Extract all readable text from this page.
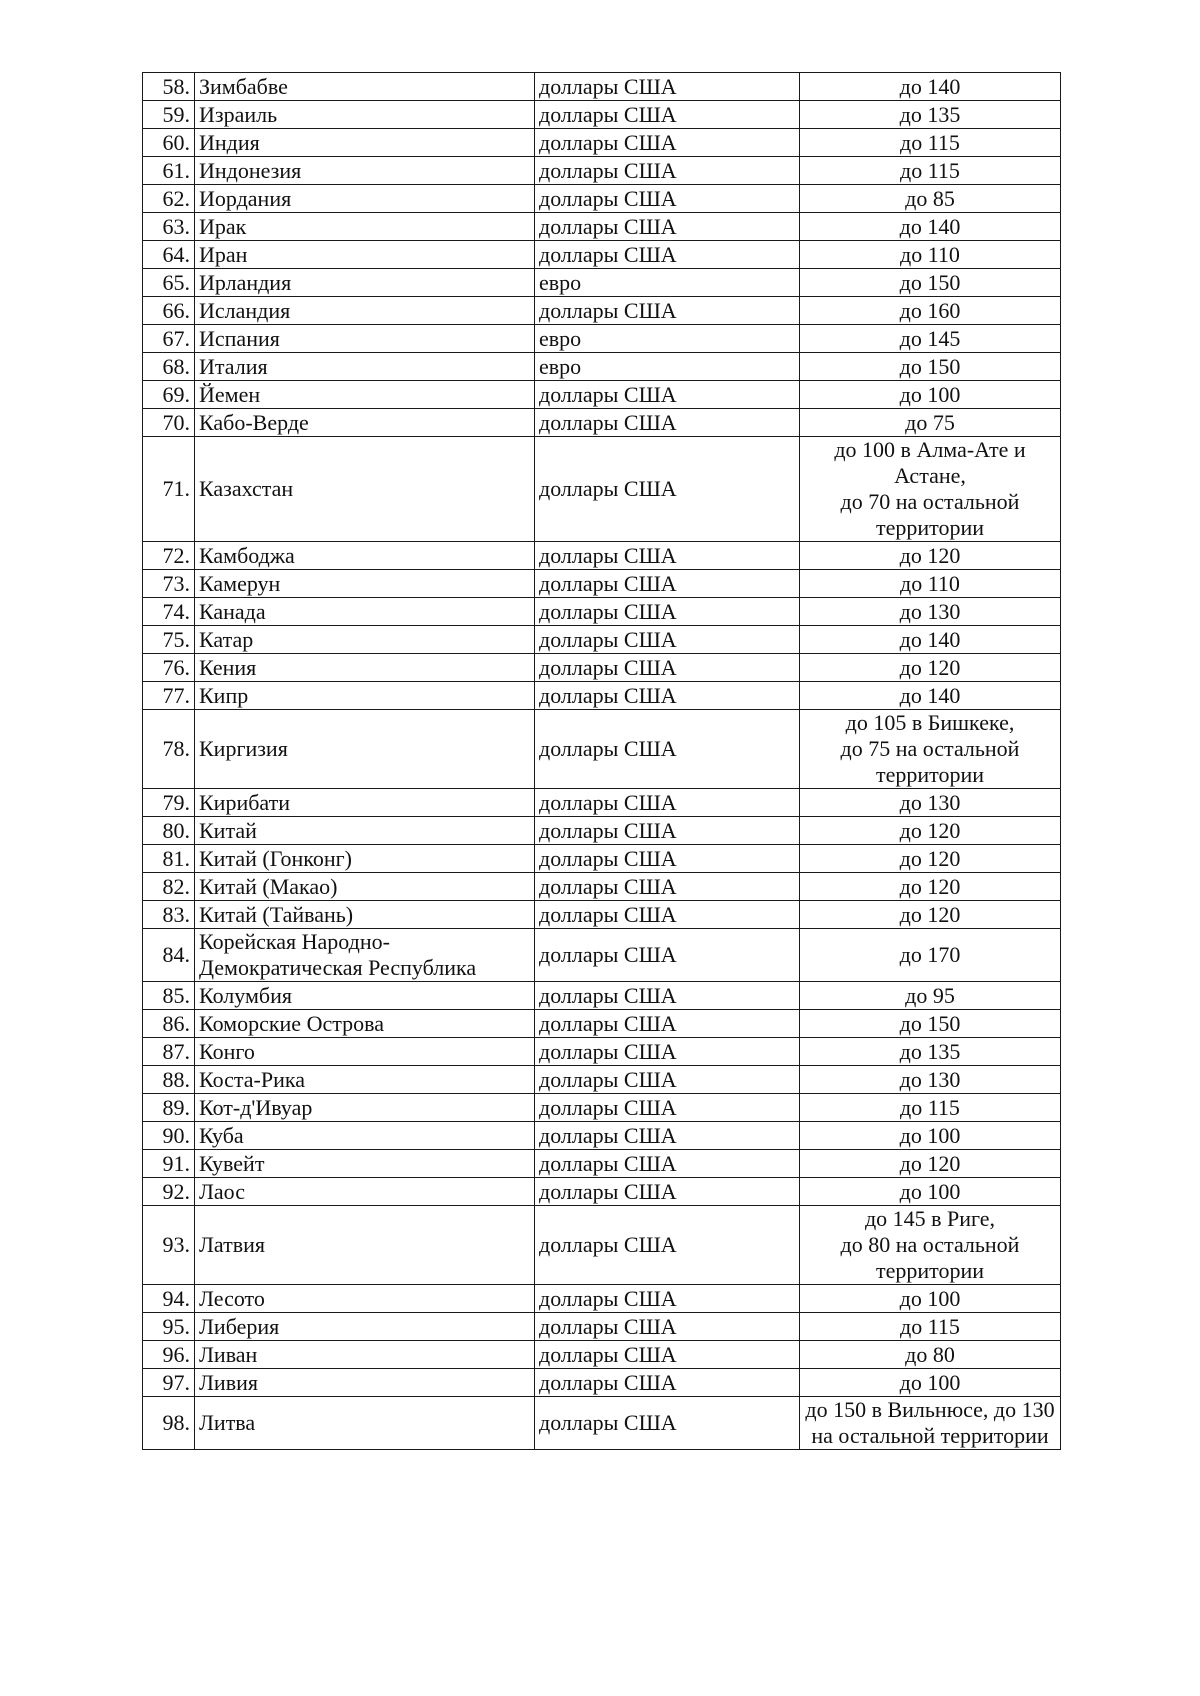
58.	Зимбабве	доллары США	до 140
59.	Израиль	доллары США	до 135
60.	Индия	доллары США	до 115
61.	Индонезия	доллары США	до 115
62.	Иордания	доллары США	до 85
63.	Ирак	доллары США	до 140
64.	Иран	доллары США	до 110
65.	Ирландия	евро	до 150
66.	Исландия	доллары США	до 160
67.	Испания	евро	до 145
68.	Италия	евро	до 150
69.	Йемен	доллары США	до 100
70.	Кабо-Верде	доллары США	до 75
71.	Казахстан	доллары США	до 100 в Алма-Ате и Астане,
до 70 на остальной территории
72.	Камбоджа	доллары США	до 120
73.	Камерун	доллары США	до 110
74.	Канада	доллары США	до 130
75.	Катар	доллары США	до 140
76.	Кения	доллары США	до 120
77.	Кипр	доллары США	до 140
78.	Киргизия	доллары США	до 105 в Бишкеке,
до 75 на остальной территории
79.	Кирибати	доллары США	до 130
80.	Китай	доллары США	до 120
81.	Китай (Гонконг)	доллары США	до 120
82.	Китай (Макао)	доллары США	до 120
83.	Китай (Тайвань)	доллары США	до 120
84.	Корейская Народно-Демократическая Республика	доллары США	до 170
85.	Колумбия	доллары США	до 95
86.	Коморские Острова	доллары США	до 150
87.	Конго	доллары США	до 135
88.	Коста-Рика	доллары США	до 130
89.	Кот-д'Ивуар	доллары США	до 115
90.	Куба	доллары США	до 100
91.	Кувейт	доллары США	до 120
92.	Лаос	доллары США	до 100
93.	Латвия	доллары США	до 145 в Риге,
до 80 на остальной территории
94.	Лесото	доллары США	до 100
95.	Либерия	доллары США	до 115
96.	Ливан	доллары США	до 80
97.	Ливия	доллары США	до 100
98.	Литва	доллары США	до 150 в Вильнюсе, до 130 на остальной территории
